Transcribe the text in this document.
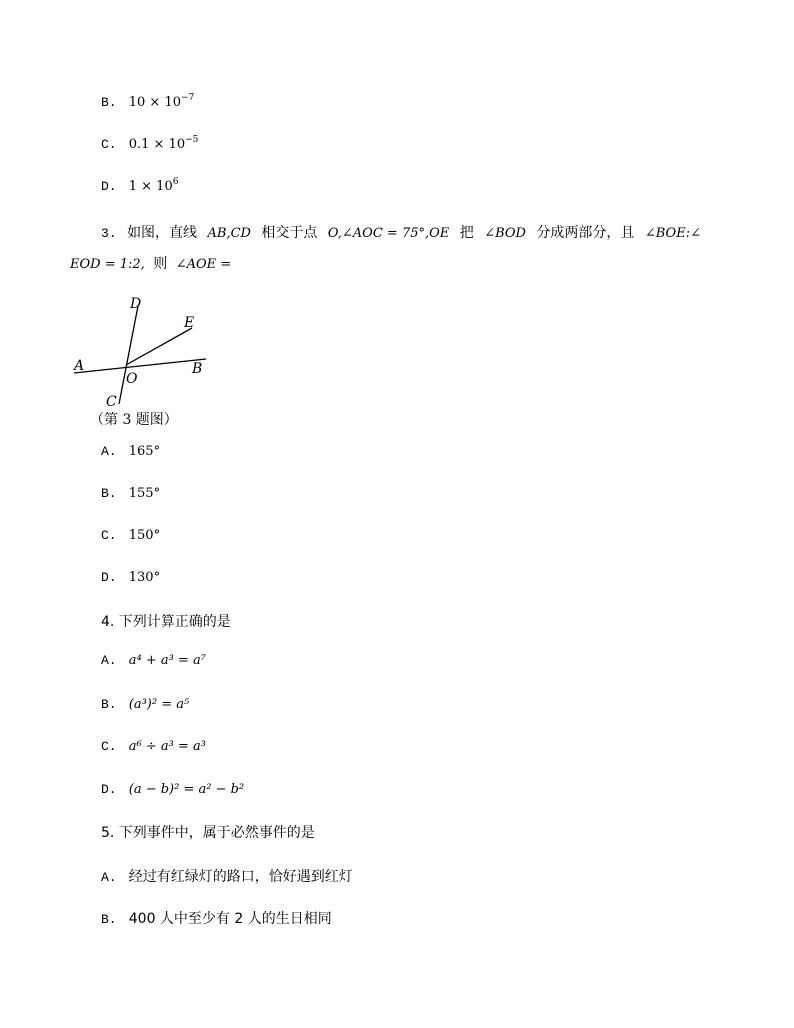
B. $10 \times 10^{-7}$
C. $0.1 \times 10^{-5}$
D. $1 \times 10^6$
3. 如图，直线 AB,CD 相交于点 O,∠AOC = 75°,OE 把 ∠BOD 分成两部分，且 ∠BOE:∠
EOD = 1:2, 则 ∠AOE =
D
E
A
O
B
C
（第 3 题图）
A. 165°
B. 155°
C. 150°
D. 130°
4. 下列计算正确的是
A. a⁴ + a³ = a⁷
B. (a³)² = a⁵
C. a⁶ ÷ a³ = a³
D. (a − b)² = a² − b²
5. 下列事件中，属于必然事件的是
A. 经过有红绿灯的路口，恰好遇到红灯
B. 400 人中至少有 2 人的生日相同
